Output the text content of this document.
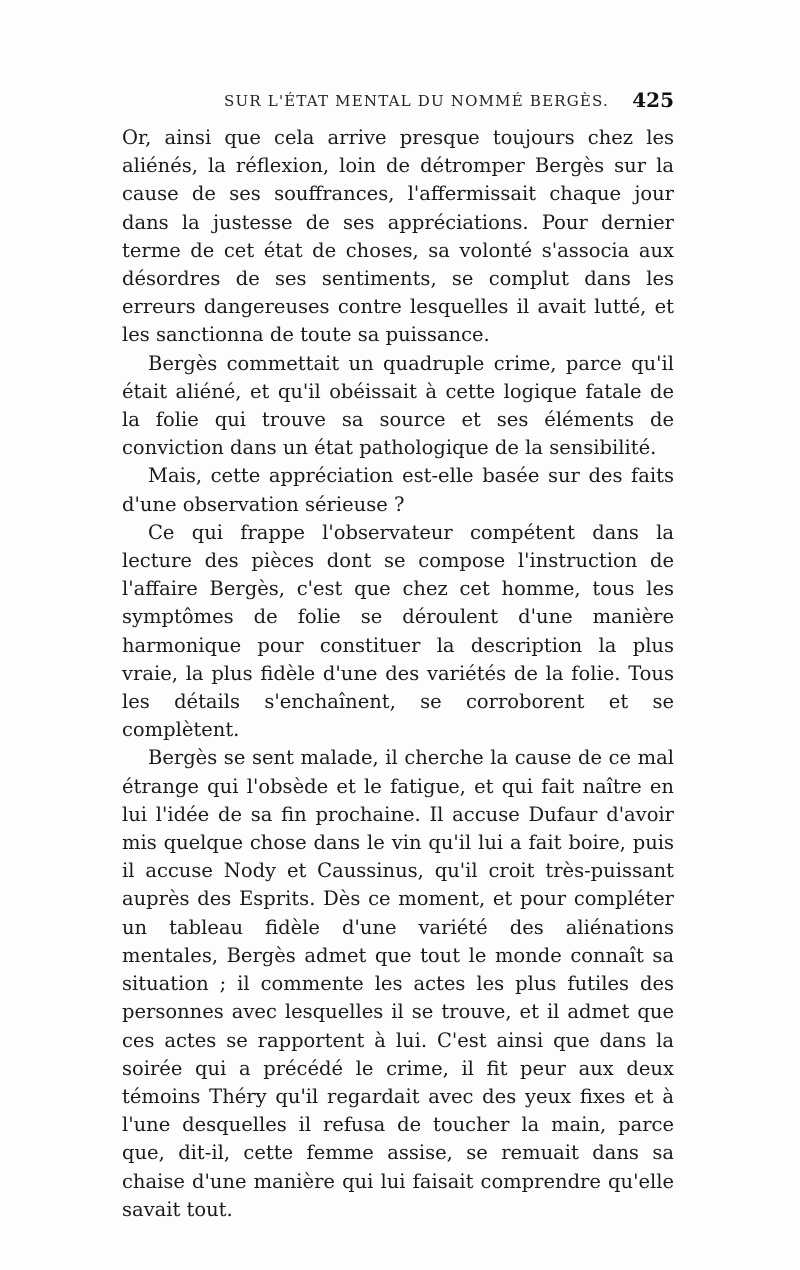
SUR L'ÉTAT MENTAL DU NOMMÉ BERGÈS. 425

Or, ainsi que cela arrive presque toujours chez les aliénés, la réflexion, loin de détromper Bergès sur la cause de ses souffrances, l'affermissait chaque jour dans la justesse de ses appréciations. Pour dernier terme de cet état de choses, sa volonté s'associa aux désordres de ses sentiments, se complut dans les erreurs dangereuses contre lesquelles il avait lutté, et les sanctionna de toute sa puissance.

Bergès commettait un quadruple crime, parce qu'il était aliéné, et qu'il obéissait à cette logique fatale de la folie qui trouve sa source et ses éléments de conviction dans un état pathologique de la sensibilité.

Mais, cette appréciation est-elle basée sur des faits d'une observation sérieuse ?

Ce qui frappe l'observateur compétent dans la lecture des pièces dont se compose l'instruction de l'affaire Bergès, c'est que chez cet homme, tous les symptômes de folie se déroulent d'une manière harmonique pour constituer la description la plus vraie, la plus fidèle d'une des variétés de la folie. Tous les détails s'enchaînent, se corroborent et se complètent.

Bergès se sent malade, il cherche la cause de ce mal étrange qui l'obsède et le fatigue, et qui fait naître en lui l'idée de sa fin prochaine. Il accuse Dufaur d'avoir mis quelque chose dans le vin qu'il lui a fait boire, puis il accuse Nody et Caussinus, qu'il croit très-puissant auprès des Esprits. Dès ce moment, et pour compléter un tableau fidèle d'une variété des aliénations mentales, Bergès admet que tout le monde connaît sa situation ; il commente les actes les plus futiles des personnes avec lesquelles il se trouve, et il admet que ces actes se rapportent à lui. C'est ainsi que dans la soirée qui a précédé le crime, il fit peur aux deux témoins Théry qu'il regardait avec des yeux fixes et à l'une desquelles il refusa de toucher la main, parce que, dit-il, cette femme assise, se remuait dans sa chaise d'une manière qui lui faisait comprendre qu'elle savait tout.
